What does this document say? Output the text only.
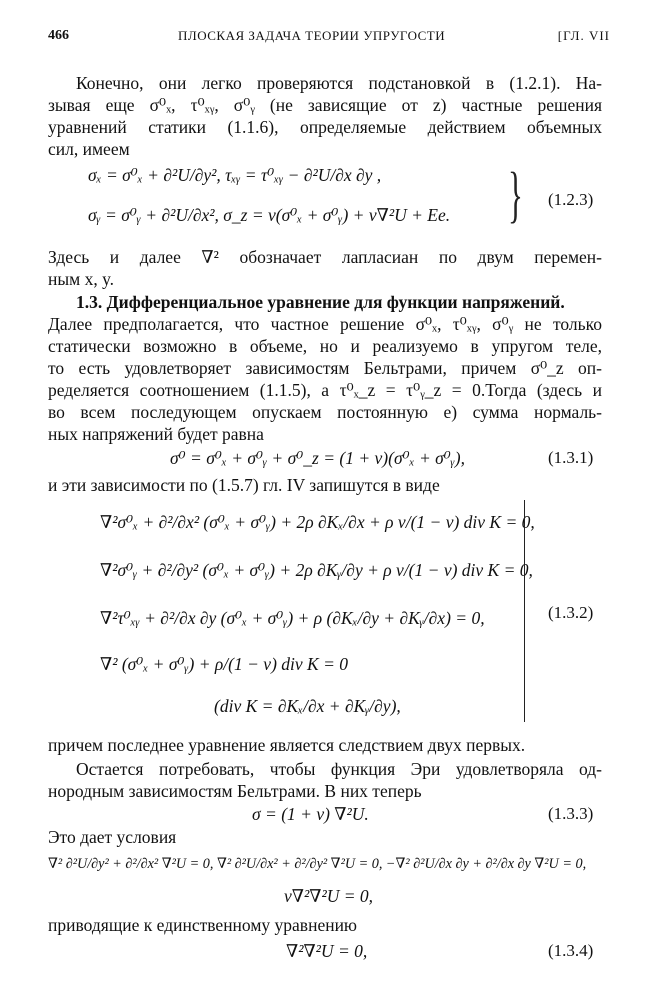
466	ПЛОСКАЯ ЗАДАЧА ТЕОРИИ УПРУГОСТИ	[ГЛ. VII
Конечно, они легко проверяются подстановкой в (1.2.1). На-
зывая еще σ⁰ₓ, τ⁰ₓᵧ, σ⁰ᵧ (не зависящие от z) частные решения
уравнений статики (1.1.6), определяемые действием объемных
сил, имеем
σₓ = σ⁰ₓ + ∂²U/∂y², τₓᵧ = τ⁰ₓᵧ − ∂²U/∂x ∂y ,
σᵧ = σ⁰ᵧ + ∂²U/∂x², σ_z = ν(σ⁰ₓ + σ⁰ᵧ) + ν∇²U + Ee. } (1.2.3)
Здесь и далее ∇² обозначает лапласиан по двум перемен-
ным x, y.
1.3. Дифференциальное уравнение для функции напряжений.
Далее предполагается, что частное решение σ⁰ₓ, τ⁰ₓᵧ, σ⁰ᵧ не только
статически возможно в объеме, но и реализуемо в упругом теле,
то есть удовлетворяет зависимостям Бельтрами, причем σ⁰_z оп-
ределяется соотношением (1.1.5), а τ⁰ₓ_z = τ⁰ᵧ_z = 0.Тогда (здесь и
во всем последующем опускаем постоянную e) сумма нормаль-
ных напряжений будет равна
σ⁰ = σ⁰ₓ + σ⁰ᵧ + σ⁰_z = (1 + ν)(σ⁰ₓ + σ⁰ᵧ),	(1.3.1)
и эти зависимости по (1.5.7) гл. IV запишутся в виде
∇²σ⁰ₓ + ∂²/∂x² (σ⁰ₓ + σ⁰ᵧ) + 2ρ ∂Kₓ/∂x + ρ ν/(1 − ν) div K = 0,
∇²σ⁰ᵧ + ∂²/∂y² (σ⁰ₓ + σ⁰ᵧ) + 2ρ ∂Kᵧ/∂y + ρ ν/(1 − ν) div K = 0,
∇²τ⁰ₓᵧ + ∂²/∂x ∂y (σ⁰ₓ + σ⁰ᵧ) + ρ (∂Kₓ/∂y + ∂Kᵧ/∂x) = 0,
∇² (σ⁰ₓ + σ⁰ᵧ) + ρ/(1 − ν) div K = 0
(div K = ∂Kₓ/∂x + ∂Kᵧ/∂y),
(1.3.2)
причем последнее уравнение является следствием двух первых.
Остается потребовать, чтобы функция Эри удовлетворяла од-
нородным зависимостям Бельтрами. В них теперь
σ = (1 + ν) ∇²U.	(1.3.3)
Это дает условия
∇² ∂²U/∂y² + ∂²/∂x² ∇²U = 0, ∇² ∂²U/∂x² + ∂²/∂y² ∇²U = 0, −∇² ∂²U/∂x ∂y + ∂²/∂x ∂y ∇²U = 0,
ν∇²∇²U = 0,
приводящие к единственному уравнению
∇²∇²U = 0,	(1.3.4)
